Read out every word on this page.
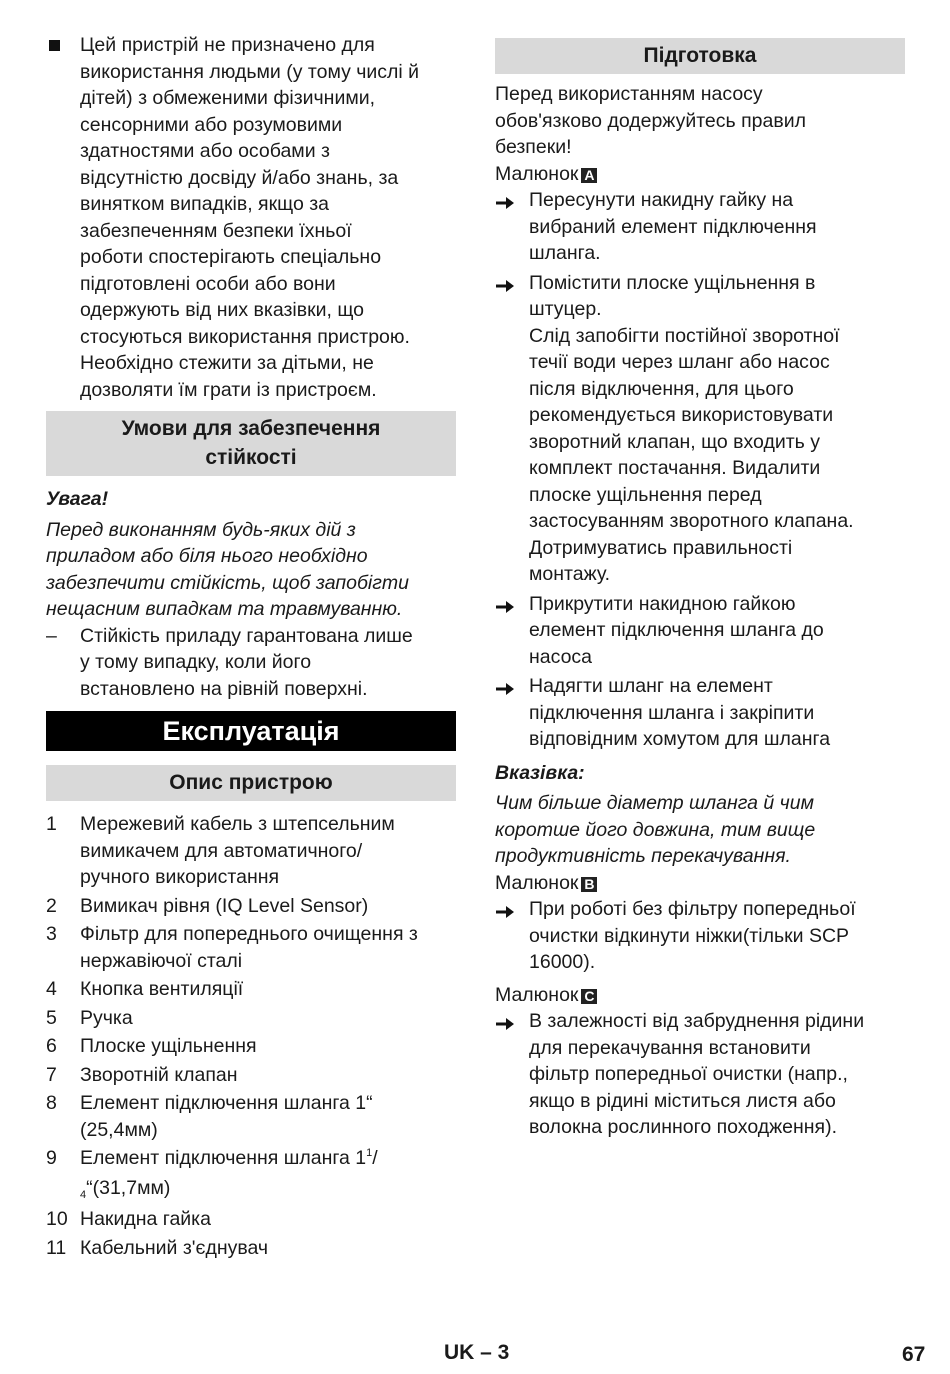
Цей пристрій не призначено для
використання людьми (у тому числі й
дітей) з обмеженими фізичними,
сенсорними або розумовими
здатностями або особами з
відсутністю досвіду й/або знань, за
винятком випадків, якщо за
забезпеченням безпеки їхньої
роботи спостерігають спеціально
підготовлені особи або вони
одержують від них вказівки, що
стосуються використання пристрою.
Необхідно стежити за дітьми, не
дозволяти їм грати із пристроєм.
Умови для забезпечення
стійкості
Увага!
Перед виконанням будь-яких дій з
приладом або біля нього необхідно
забезпечити стійкість, щоб запобігти
нещасним випадкам та травмуванню.
– Стійкість приладу гарантована лише
у тому випадку, коли його
встановлено на рівній поверхні.
Експлуатація
Опис пристрою
1 Мережевий кабель з штепсельним
вимикачем для автоматичного/
ручного використання
2 Вимикач рівня (IQ Level Sensor)
3 Фільтр для попереднього очищення з
нержавіючої сталі
4 Кнопка вентиляції
5 Ручка
6 Плоске ущільнення
7 Зворотній клапан
8 Елемент підключення шланга 1“
(25,4мм)
9 Елемент підключення шланга $1^1/$
$_4$“(31,7мм)
10 Накидна гайка
11 Кабельний з'єднувач
Підготовка
Перед використанням насосу
обов'язково додержуйтесь правил
безпеки!
Малюнок A
Пересунути накидну гайку на
вибраний елемент підключення
шланга.
Помістити плоске ущільнення в
штуцер.
Слід запобігти постійної зворотної
течії води через шланг або насос
після відключення, для цього
рекомендується використовувати
зворотний клапан, що входить у
комплект постачання. Видалити
плоске ущільнення перед
застосуванням зворотного клапана.
Дотримуватись правильності
монтажу.
Прикрутити накидною гайкою
елемент підключення шланга до
насоса
Надягти шланг на елемент
підключення шланга і закріпити
відповідним хомутом для шланга
Вказівка:
Чим більше діаметр шланга й чим
коротше його довжина, тим вище
продуктивність перекачування.
Малюнок B
При роботі без фільтру попередньої
очистки відкинути ніжки(тільки SCP
16000).
Малюнок C
В залежності від забруднення рідини
для перекачування встановити
фільтр попередньої очистки (напр.,
якщо в рідині міститься листя або
волокна рослинного походження).
UK – 3	67
